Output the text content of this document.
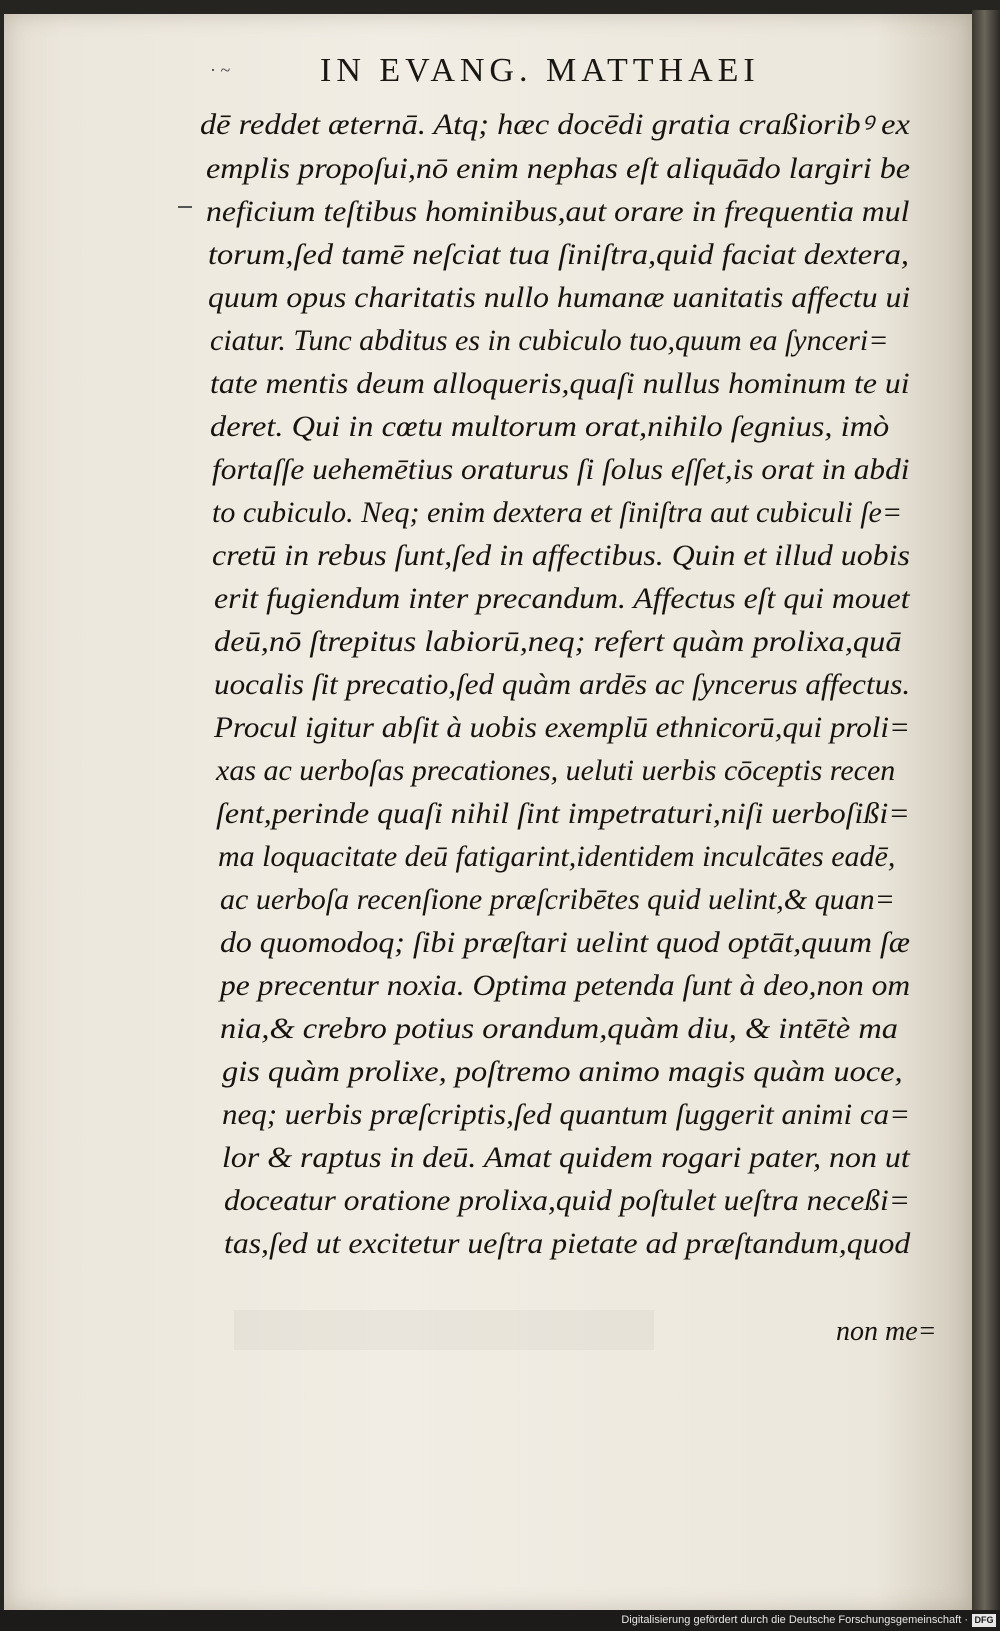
· ~	IN EVANG. MATTHAEI
dē reddet æternā. Atq; hæc docēdi gratia craßioribꝰ ex
emplis propoſui,nō enim nephas eſt aliquādo largiri be
neficium teſtibus hominibus,aut orare in frequentia mul
torum,ſed tamē neſciat tua ſiniſtra,quid faciat dextera,
quum opus charitatis nullo humanæ uanitatis affectu ui
ciatur. Tunc abditus es in cubiculo tuo,quum ea ſynceri=
tate mentis deum alloqueris,quaſi nullus hominum te ui
deret. Qui in cœtu multorum orat,nihilo ſegnius, imò
fortaſſe uehemētius oraturus ſi ſolus eſſet,is orat in abdi
to cubiculo. Neq; enim dextera et ſiniſtra aut cubiculi ſe=
cretū in rebus ſunt,ſed in affectibus. Quin et illud uobis
erit fugiendum inter precandum. Affectus eſt qui mouet
deū,nō ſtrepitus labiorū,neq; refert quàm prolixa,quā
uocalis ſit precatio,ſed quàm ardēs ac ſyncerus affectus.
Procul igitur abſit à uobis exemplū ethnicorū,qui proli=
xas ac uerboſas precationes, ueluti uerbis cōceptis recen
ſent,perinde quaſi nihil ſint impetraturi,niſi uerboſißi=
ma loquacitate deū fatigarint,identidem inculcātes eadē,
ac uerboſa recenſione præſcribētes quid uelint,& quan=
do quomodoq; ſibi præſtari uelint quod optāt,quum ſæ
pe precentur noxia. Optima petenda ſunt à deo,non om
nia,& crebro potius orandum,quàm diu, & intētè ma
gis quàm prolixe, poſtremo animo magis quàm uoce,
neq; uerbis præſcriptis,ſed quantum ſuggerit animi ca=
lor & raptus in deū. Amat quidem rogari pater, non ut
doceatur oratione prolixa,quid poſtulet ueſtra neceßi=
tas,ſed ut excitetur ueſtra pietate ad præſtandum,quod
non me=
Digitalisierung gefördert durch die Deutsche Forschungsgemeinschaft · DFG
